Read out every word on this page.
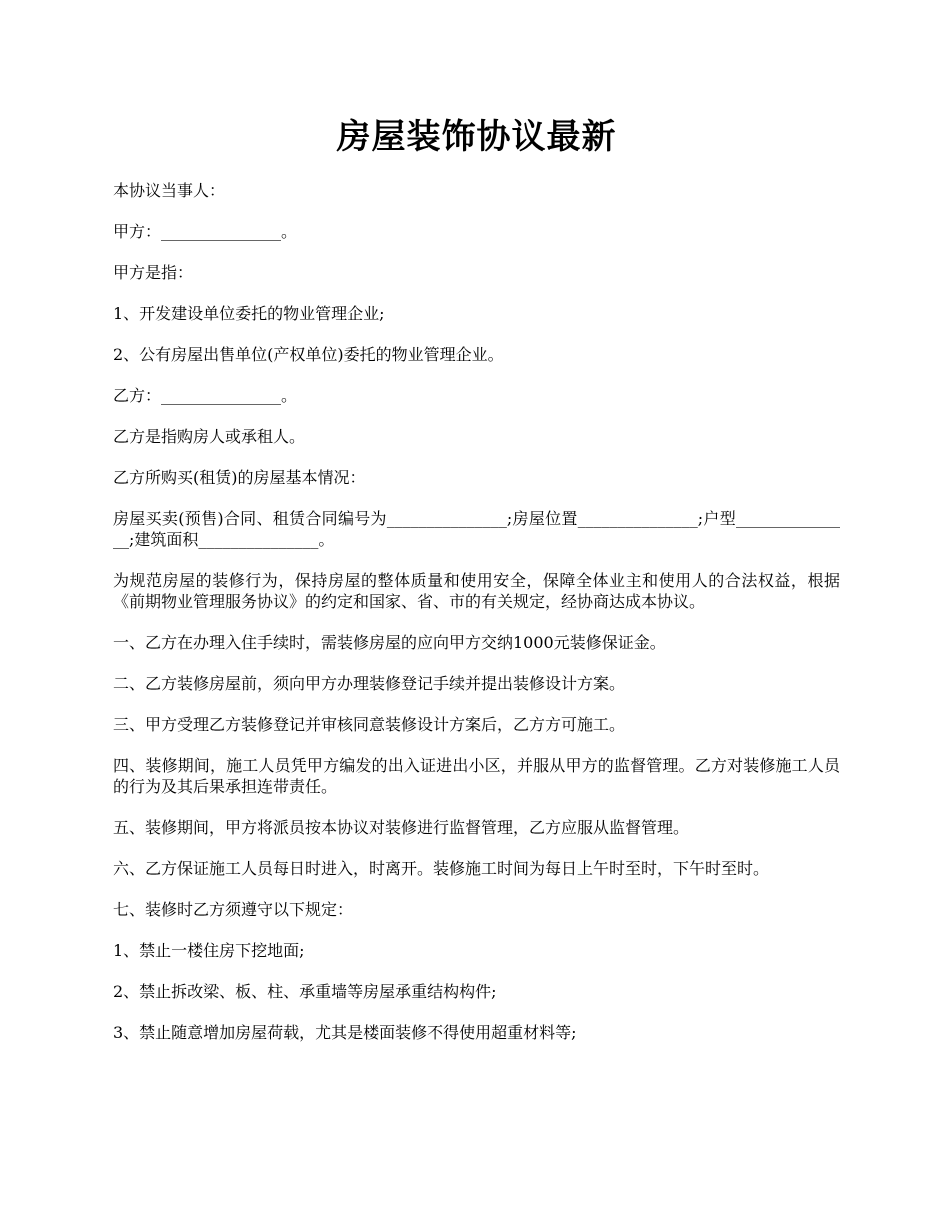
房屋装饰协议最新

本协议当事人：

甲方：_______________。

甲方是指：

1、开发建设单位委托的物业管理企业;

2、公有房屋出售单位(产权单位)委托的物业管理企业。

乙方：_______________。

乙方是指购房人或承租人。

乙方所购买(租赁)的房屋基本情况：

房屋买卖(预售)合同、租赁合同编号为_______________;房屋位置_______________;户型_______________;建筑面积_______________。

为规范房屋的装修行为，保持房屋的整体质量和使用安全，保障全体业主和使用人的合法权益，根据《前期物业管理服务协议》的约定和国家、省、市的有关规定，经协商达成本协议。

一、乙方在办理入住手续时，需装修房屋的应向甲方交纳1000元装修保证金。

二、乙方装修房屋前，须向甲方办理装修登记手续并提出装修设计方案。

三、甲方受理乙方装修登记并审核同意装修设计方案后，乙方方可施工。

四、装修期间，施工人员凭甲方编发的出入证进出小区，并服从甲方的监督管理。乙方对装修施工人员的行为及其后果承担连带责任。

五、装修期间，甲方将派员按本协议对装修进行监督管理，乙方应服从监督管理。

六、乙方保证施工人员每日时进入，时离开。装修施工时间为每日上午时至时，下午时至时。

七、装修时乙方须遵守以下规定：

1、禁止一楼住房下挖地面;

2、禁止拆改梁、板、柱、承重墙等房屋承重结构构件;

3、禁止随意增加房屋荷载，尤其是楼面装修不得使用超重材料等;
